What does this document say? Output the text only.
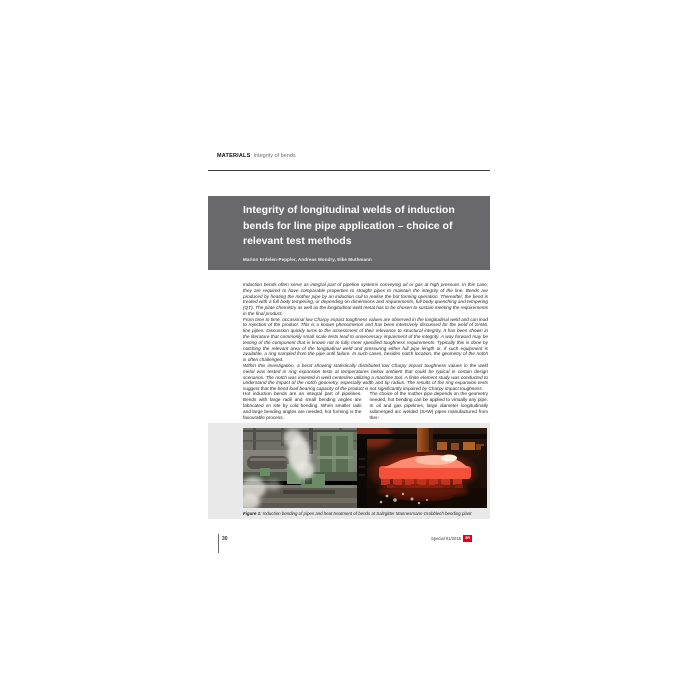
MATERIALS Integrity of bends
Integrity of longitudinal welds of induction bends for line pipe application – choice of relevant test methods
Marion Erdelen-Peppler, Andreas Mondry, Elke Muthmann

Induction bends often serve as integral part of pipeline systems conveying oil or gas at high pressure. In this case, they are required to have comparable properties to straight pipes to maintain the integrity of the line. Bends are produced by heating the mother pipe by an induction coil to realise the hot forming operation. Thereafter, the bend is treated with a full body tempering, or depending on dimensions and requirements, full body quenching and tempering (QT). The plate chemistry as well as the longitudinal weld metal has to be chosen to sustain meeting the requirements in the final product.

From time to time, occasional low Charpy impact toughness values are observed in the longitudinal weld and can lead to rejection of the product. This is a known phenomenon and has been intensively discussed for the weld of SAWL line pipes. Discussion quickly turns to the assessment of their relevance to structural integrity. It has been shown in the literature that commonly small scale tests lead to unnecessary impairment of the integrity. A way forward may be testing of the component that is known not to fully meet specified toughness requirements. Typically this is done by notching the relevant area of the longitudinal weld and pressuring either full pipe length or, if such equipment is available, a ring sampled from the pipe until failure. In such cases, besides notch location, the geometry of the notch is often challenged.

Within this investigation, a bend showing statistically distributed low Charpy impact toughness values in the weld metal was tested in ring expansion tests at temperatures below ambient that could be typical in certain design scenarios. The notch was inserted in weld centerline utilizing a machine tool. A finite element study was conducted to understand the impact of the notch geometry, especially width and tip radius. The results of the ring expansion tests suggest that the bend load bearing capacity of the product is not significantly impaired by Charpy impact toughness.

Hot induction bends are an integral part of pipelines. Bends with large radii and small bending angles are fabricated on site by cold bending. When smaller radii and large bending angles are needed, hot forming is the favourable process.
The choice of the mother pipe depends on the geometry needed, hot bending can be applied to virtually any pipe. In oil and gas pipelines, large diameter longitudinally submerged arc welded (SAW) pipes manufactured from ther-
Figure 1: Induction bending of pipes and heat treatment of bends at Salzgitter Mannesmann Grobblech bending plant
30	Special 01/2015 3R
